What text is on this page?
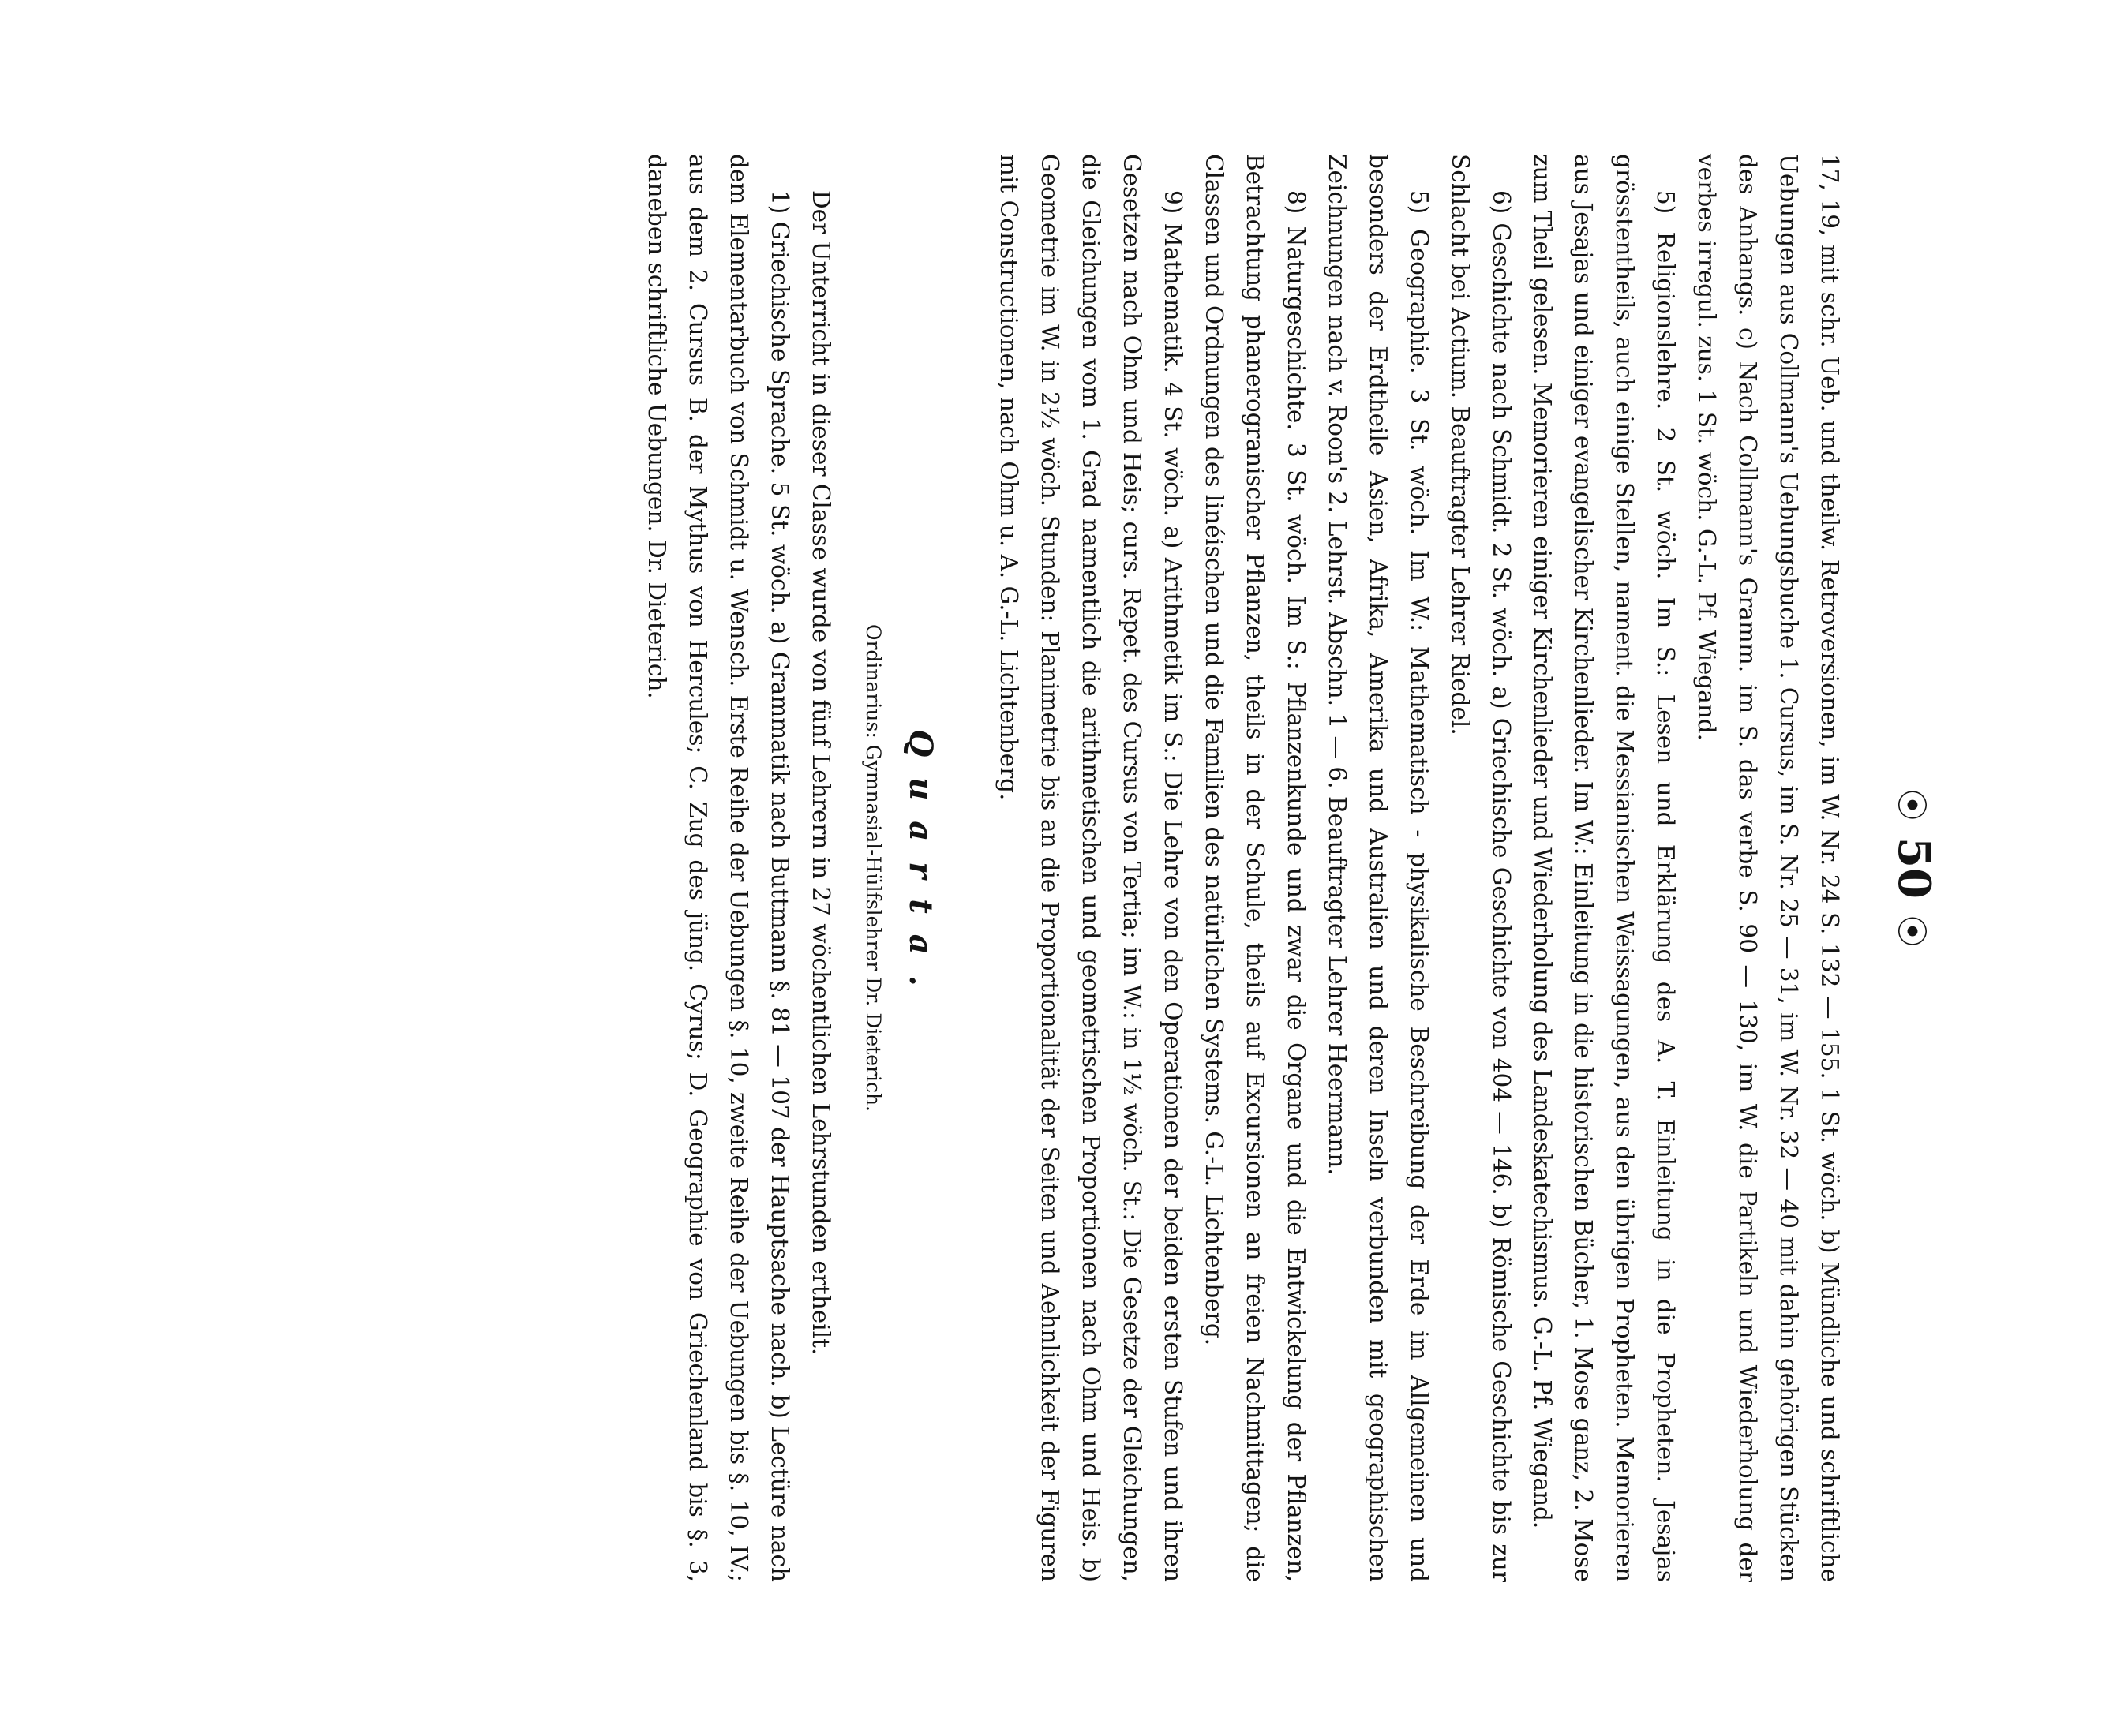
⦿ 50 ⦿

17, 19, mit schr. Ueb. und theilw. Retroversionen, im W. Nr. 24 S. 132 — 155. 1 St. wöch. b) Mündliche und schriftliche Uebungen aus Collmann's Uebungsbuche 1. Cursus, im S. Nr. 25 — 31, im W. Nr. 32 — 40 mit dahin gehörigen Stücken des Anhangs. c) Nach Collmann's Gramm. im S. das verbe S. 90 — 130, im W. die Partikeln und Wiederholung der verbes irregul. zus. 1 St. wöch. G.-L. Pf. Wiegand.

5) Religionslehre. 2 St. wöch. Im S.: Lesen und Erklärung des A. T. Einleitung in die Propheten. Jesajas grösstentheils, auch einige Stellen, nament. die Messianischen Weissagungen, aus den übrigen Propheten. Memorieren aus Jesajas und einiger evangelischer Kirchenlieder. Im W.: Einleitung in die historischen Bücher, 1. Mose ganz, 2. Mose zum Theil gelesen. Memorieren einiger Kirchenlieder und Wiederholung des Landeskatechismus. G.-L. Pf. Wiegand.

6) Geschichte nach Schmidt. 2 St. wöch. a) Griechische Geschichte von 404 — 146. b) Römische Geschichte bis zur Schlacht bei Actium. Beauftragter Lehrer Riedel.

5) Geographie. 3 St. wöch. Im W.: Mathematisch - physikalische Beschreibung der Erde im Allgemeinen und besonders der Erdtheile Asien, Afrika, Amerika und Australien und deren Inseln verbunden mit geographischen Zeichnungen nach v. Roon's 2. Lehrst. Abschn. 1 — 6. Beauftragter Lehrer Heermann.

8) Naturgeschichte. 3 St. wöch. Im S.: Pflanzenkunde und zwar die Organe und die Entwickelung der Pflanzen, Betrachtung phanerogranischer Pflanzen, theils in der Schule, theils auf Excursionen an freien Nachmittagen; die Classen und Ordnungen des linéischen und die Familien des natürlichen Systems. G.-L. Lichtenberg.

9) Mathematik. 4 St. wöch. a) Arithmetik im S.: Die Lehre von den Operationen der beiden ersten Stufen und ihren Gesetzen nach Ohm und Heis; curs. Repet. des Cursus von Tertia; im W.: in 1½ wöch. St.: Die Gesetze der Gleichungen, die Gleichungen vom 1. Grad namentlich die arithmetischen und geometrischen Proportionen nach Ohm und Heis. b) Geometrie im W. in 2½ wöch. Stunden: Planimetrie bis an die Proportionalität der Seiten und Aehnlichkeit der Figuren mit Constructionen, nach Ohm u. A. G.-L. Lichtenberg.

Quarta.
Ordinarius: Gymnasial-Hülfslehrer Dr. Dieterich.

Der Unterricht in dieser Classe wurde von fünf Lehrern in 27 wöchentlichen Lehrstunden ertheilt.

1) Griechische Sprache. 5 St. wöch. a) Grammatik nach Buttmann §. 81 — 107 der Hauptsache nach. b) Lectüre nach dem Elementarbuch von Schmidt u. Wensch. Erste Reihe der Uebungen §. 10, zweite Reihe der Uebungen bis §. 10, IV.; aus dem 2. Cursus B. der Mythus von Hercules; C. Zug des jüng. Cyrus; D. Geographie von Griechenland bis §. 3, daneben schriftliche Uebungen. Dr. Dieterich.
